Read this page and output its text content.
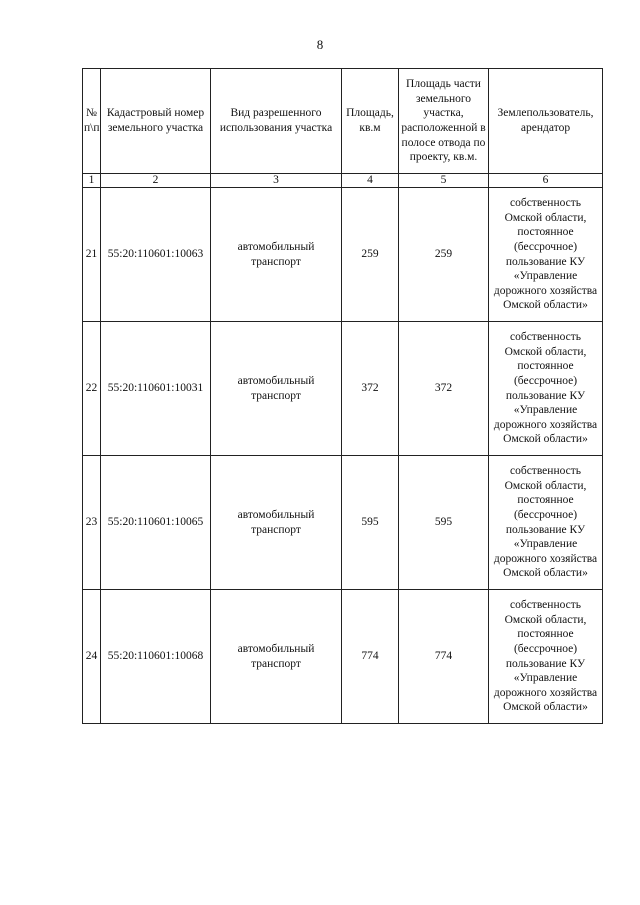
8
№ п\п	Кадастровый номер земельного участка	Вид разрешенного использования участка	Площадь, кв.м	Площадь части земельного участка, расположенной в полосе отвода по проекту, кв.м.	Землепользователь, арендатор
1	2	3	4	5	6
21	55:20:110601:10063	автомобильный транспорт	259	259	собственность Омской области, постоянное (бессрочное) пользование КУ «Управление дорожного хозяйства Омской области»
22	55:20:110601:10031	автомобильный транспорт	372	372	собственность Омской области, постоянное (бессрочное) пользование КУ «Управление дорожного хозяйства Омской области»
23	55:20:110601:10065	автомобильный транспорт	595	595	собственность Омской области, постоянное (бессрочное) пользование КУ «Управление дорожного хозяйства Омской области»
24	55:20:110601:10068	автомобильный транспорт	774	774	собственность Омской области, постоянное (бессрочное) пользование КУ «Управление дорожного хозяйства Омской области»
